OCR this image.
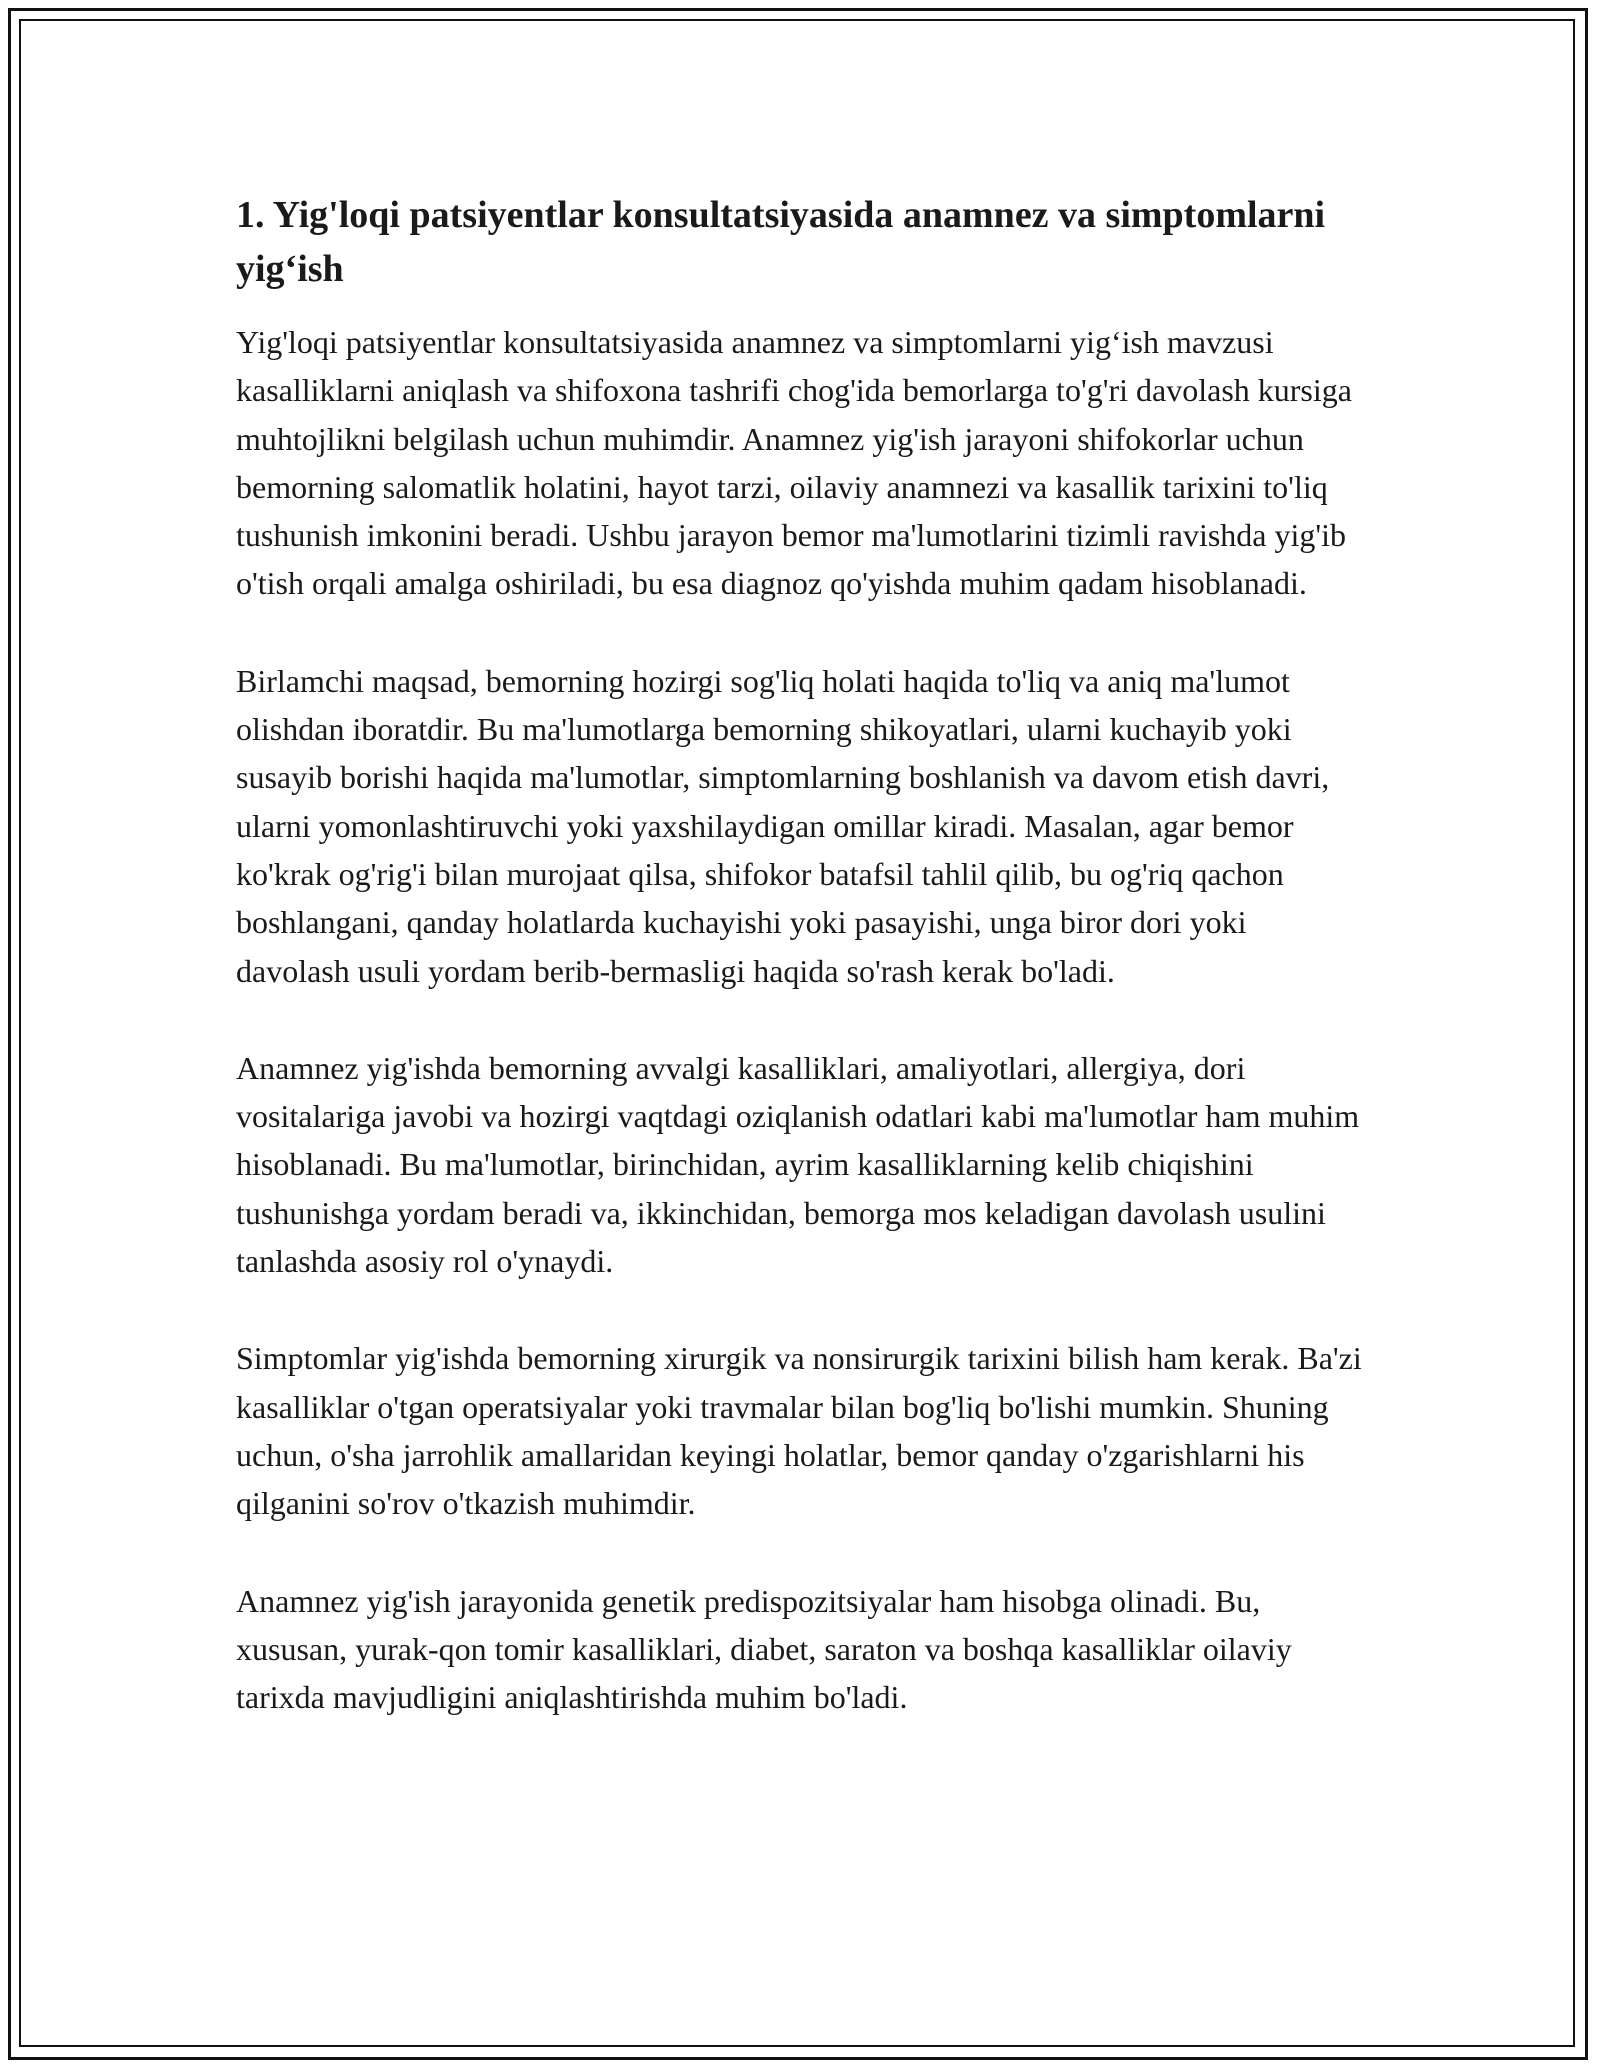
1. Yig'loqi patsiyentlar konsultatsiyasida anamnez va simptomlarni yig‘ish

Yig'loqi patsiyentlar konsultatsiyasida anamnez va simptomlarni yig‘ish mavzusi kasalliklarni aniqlash va shifoxona tashrifi chog'ida bemorlarga to'g'ri davolash kursiga muhtojlikni belgilash uchun muhimdir. Anamnez yig'ish jarayoni shifokorlar uchun bemorning salomatlik holatini, hayot tarzi, oilaviy anamnezi va kasallik tarixini to'liq tushunish imkonini beradi. Ushbu jarayon bemor ma'lumotlarini tizimli ravishda yig'ib o'tish orqali amalga oshiriladi, bu esa diagnoz qo'yishda muhim qadam hisoblanadi.

Birlamchi maqsad, bemorning hozirgi sog'liq holati haqida to'liq va aniq ma'lumot olishdan iboratdir. Bu ma'lumotlarga bemorning shikoyatlari, ularni kuchayib yoki susayib borishi haqida ma'lumotlar, simptomlarning boshlanish va davom etish davri, ularni yomonlashtiruvchi yoki yaxshilaydigan omillar kiradi. Masalan, agar bemor ko'krak og'rig'i bilan murojaat qilsa, shifokor batafsil tahlil qilib, bu og'riq qachon boshlangani, qanday holatlarda kuchayishi yoki pasayishi, unga biror dori yoki davolash usuli yordam berib-bermasligi haqida so'rash kerak bo'ladi.

Anamnez yig'ishda bemorning avvalgi kasalliklari, amaliyotlari, allergiya, dori vositalariga javobi va hozirgi vaqtdagi oziqlanish odatlari kabi ma'lumotlar ham muhim hisoblanadi. Bu ma'lumotlar, birinchidan, ayrim kasalliklarning kelib chiqishini tushunishga yordam beradi va, ikkinchidan, bemorga mos keladigan davolash usulini tanlashda asosiy rol o'ynaydi.

Simptomlar yig'ishda bemorning xirurgik va nonsirurgik tarixini bilish ham kerak. Ba'zi kasalliklar o'tgan operatsiyalar yoki travmalar bilan bog'liq bo'lishi mumkin. Shuning uchun, o'sha jarrohlik amallaridan keyingi holatlar, bemor qanday o'zgarishlarni his qilganini so'rov o'tkazish muhimdir.

Anamnez yig'ish jarayonida genetik predispozitsiyalar ham hisobga olinadi. Bu, xususan, yurak-qon tomir kasalliklari, diabet, saraton va boshqa kasalliklar oilaviy tarixda mavjudligini aniqlashtirishda muhim bo'ladi.
